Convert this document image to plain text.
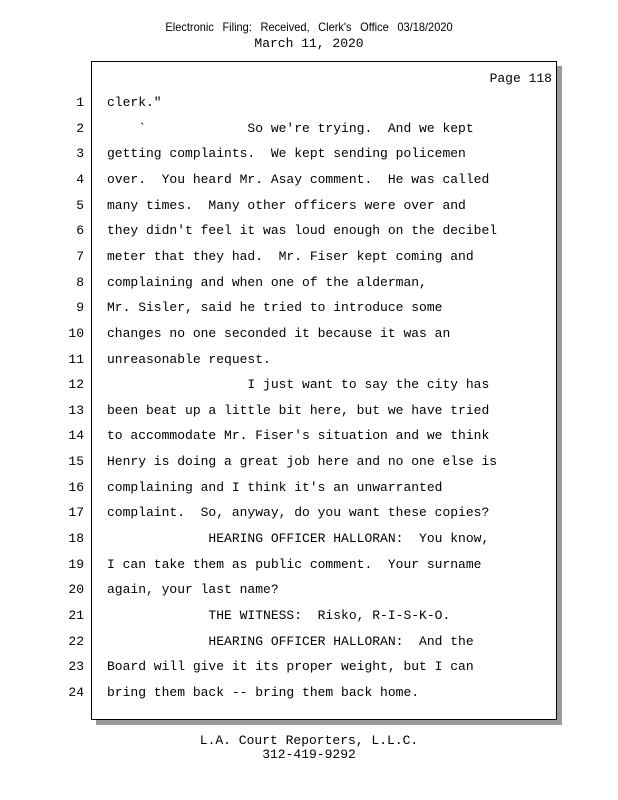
Electronic Filing: Received, Clerk's Office 03/18/2020
March 11, 2020
Page 118
1 clerk."
2 `             So we're trying.  And we kept
3 getting complaints.  We kept sending policemen
4 over.  You heard Mr. Asay comment.  He was called
5 many times.  Many other officers were over and
6 they didn't feel it was loud enough on the decibel
7 meter that they had.  Mr. Fiser kept coming and
8 complaining and when one of the alderman,
9 Mr. Sisler, said he tried to introduce some
10 changes no one seconded it because it was an
11 unreasonable request.
12 I just want to say the city has
13 been beat up a little bit here, but we have tried
14 to accommodate Mr. Fiser's situation and we think
15 Henry is doing a great job here and no one else is
16 complaining and I think it's an unwarranted
17 complaint.  So, anyway, do you want these copies?
18 HEARING OFFICER HALLORAN:  You know,
19 I can take them as public comment.  Your surname
20 again, your last name?
21 THE WITNESS:  Risko, R-I-S-K-O.
22 HEARING OFFICER HALLORAN:  And the
23 Board will give it its proper weight, but I can
24 bring them back -- bring them back home.
L.A. Court Reporters, L.L.C.
312-419-9292
